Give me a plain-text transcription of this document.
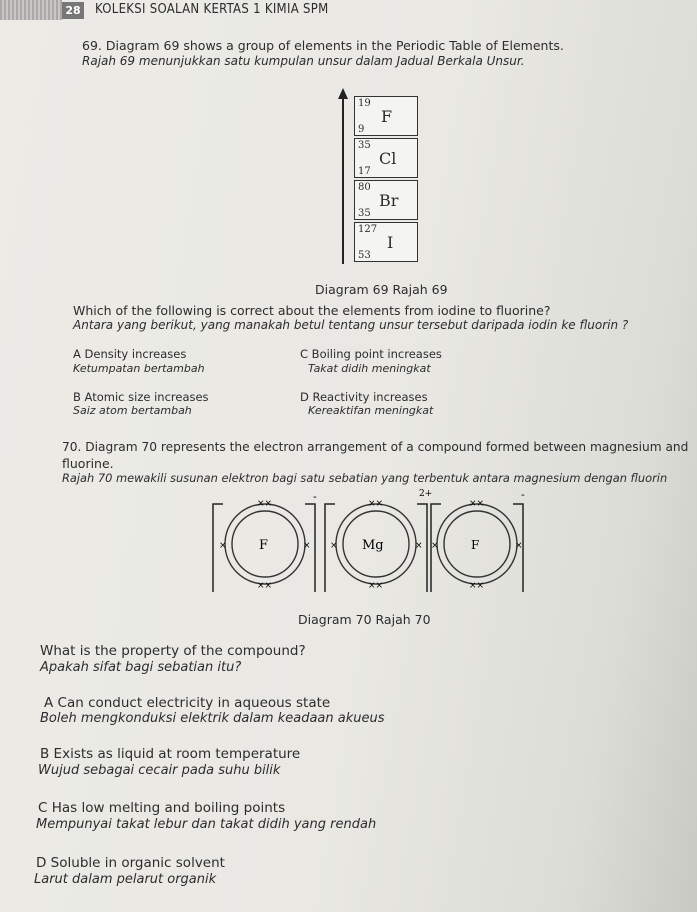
28 KOLEKSI SOALAN KERTAS 1 KIMIA SPM
69. Diagram 69 shows a group of elements in the Periodic Table of Elements.
Rajah 69 menunjukkan satu kumpulan unsur dalam Jadual Berkala Unsur.
19
F
9
35
Cl
17
80
Br
35
127
I
53
Diagram 69 Rajah 69
Which of the following is correct about the elements from iodine to fluorine?
Antara yang berikut, yang manakah betul tentang unsur tersebut daripada iodin ke fluorin ?
A Density increases
Ketumpatan bertambah
C Boiling point increases
Takat didih meningkat
B Atomic size increases
Saiz atom bertambah
D Reactivity increases
Kereaktifan meningkat
70. Diagram 70 represents the electron arrangement of a compound formed between magnesium and
fluorine.
Rajah 70 mewakili susunan elektron bagi satu sebatian yang terbentuk antara magnesium dengan fluorin
F
××
××
×	×
-
Mg
××
××
×	×
2+
F
××
××
×	×
-
Diagram 70 Rajah 70
What is the property of the compound?
Apakah sifat bagi sebatian itu?
A Can conduct electricity in aqueous state
Boleh mengkonduksi elektrik dalam keadaan akueus
B Exists as liquid at room temperature
Wujud sebagai cecair pada suhu bilik
C Has low melting and boiling points
Mempunyai takat lebur dan takat didih yang rendah
D Soluble in organic solvent
Larut dalam pelarut organik
